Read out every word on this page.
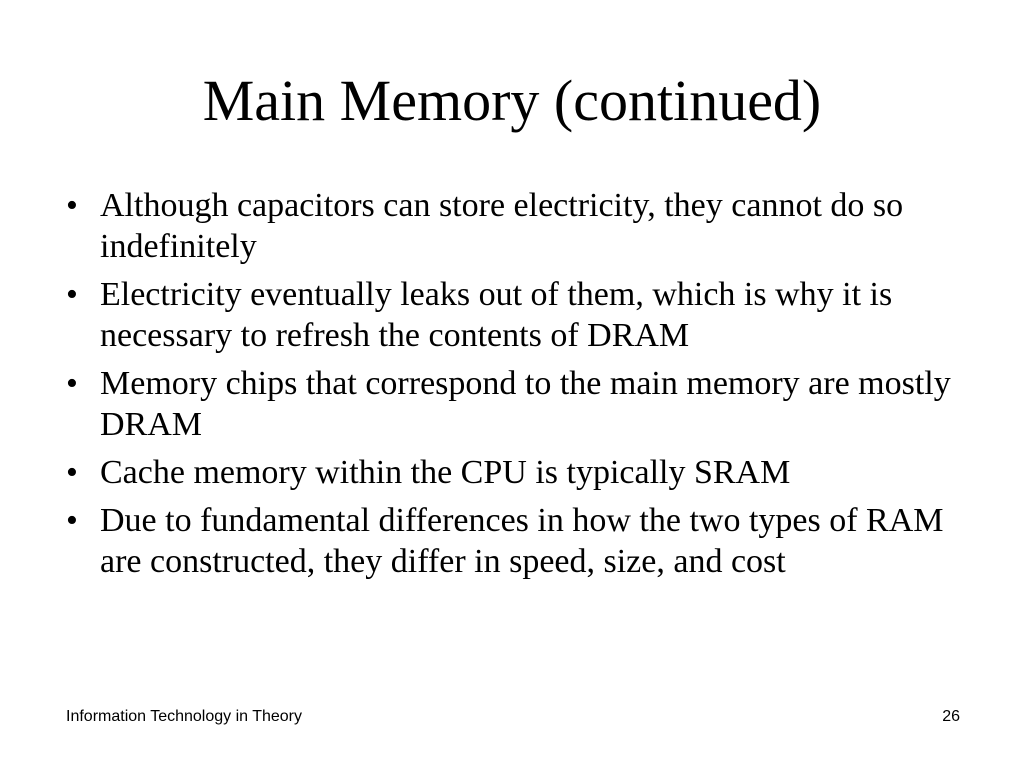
Main Memory (continued)
• Although capacitors can store electricity, they cannot do so indefinitely
• Electricity eventually leaks out of them, which is why it is necessary to refresh the contents of DRAM
• Memory chips that correspond to the main memory are mostly DRAM
• Cache memory within the CPU is typically SRAM
• Due to fundamental differences in how the two types of RAM are constructed, they differ in speed, size, and cost
Information Technology in Theory	26
